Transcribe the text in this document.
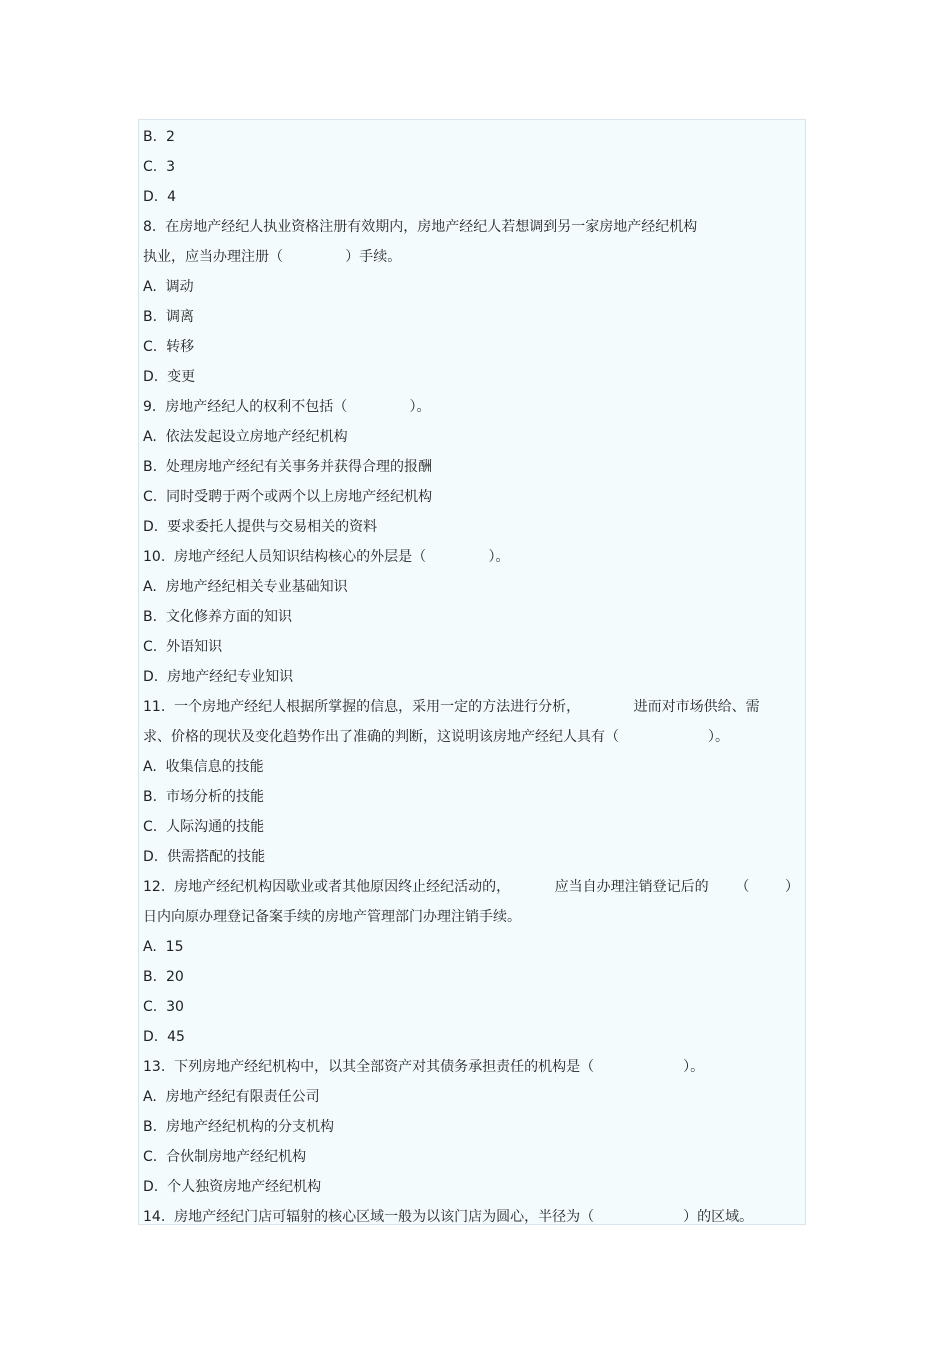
B.  2
C.  3
D.  4
8.  在房地产经纪人执业资格注册有效期内，房地产经纪人若想调到另一家房地产经纪机构
执业，应当办理注册（              ）手续。
A.  调动
B.  调离
C.  转移
D.  变更
9.  房地产经纪人的权利不包括（              ）。
A.  依法发起设立房地产经纪机构
B.  处理房地产经纪有关事务并获得合理的报酬
C.  同时受聘于两个或两个以上房地产经纪机构
D.  要求委托人提供与交易相关的资料
10.  房地产经纪人员知识结构核心的外层是（              ）。
A.  房地产经纪相关专业基础知识
B.  文化修养方面的知识
C.  外语知识
D.  房地产经纪专业知识
11.  一个房地产经纪人根据所掌握的信息，采用一定的方法进行分析，            进而对市场供给、需
求、价格的现状及变化趋势作出了准确的判断，这说明该房地产经纪人具有（                    ）。
A.  收集信息的技能
B.  市场分析的技能
C.  人际沟通的技能
D.  供需搭配的技能
12.  房地产经纪机构因歇业或者其他原因终止经纪活动的，          应当自办理注销登记后的      （        ）
日内向原办理登记备案手续的房地产管理部门办理注销手续。
A.  15
B.  20
C.  30
D.  45
13.  下列房地产经纪机构中，以其全部资产对其债务承担责任的机构是（                    ）。
A.  房地产经纪有限责任公司
B.  房地产经纪机构的分支机构
C.  合伙制房地产经纪机构
D.  个人独资房地产经纪机构
14.  房地产经纪门店可辐射的核心区域一般为以该门店为圆心，半径为（                    ）的区域。
